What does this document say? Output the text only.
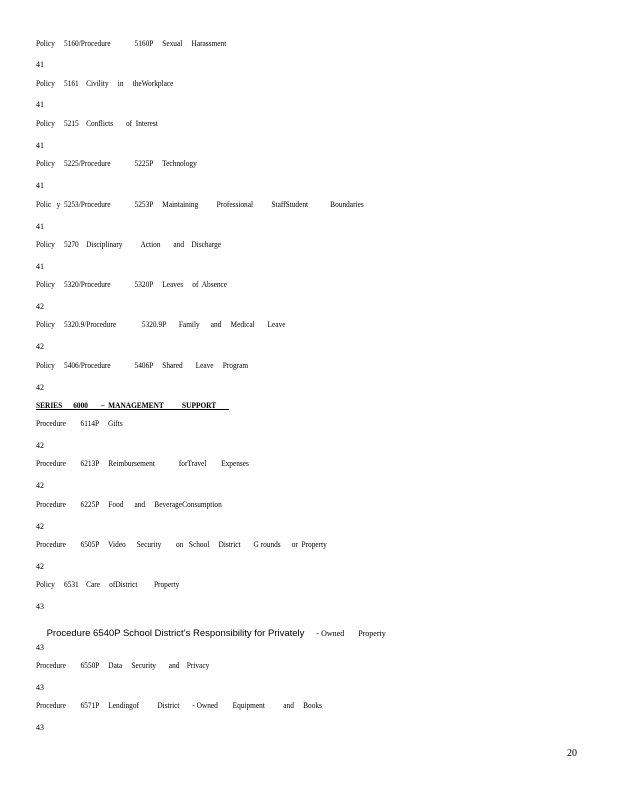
Policy     5160/Procedure             5160P     Sexual     Harassment
41
Policy     5161    Civility     in     theWorkplace
41
Policy     5215    Conflicts       of  Interest
41
Policy     5225/Procedure             5225P     Technology
41
Polic   y  5253/Procedure             5253P     Maintaining          Professional          StaffStudent            Boundaries
41
Policy     5270    Disciplinary          Action       and    Discharge
41
Policy     5320/Procedure             5320P     Leaves     of  Absence
42
Policy     5320.9/Procedure              5320.9P       Family      and     Medical       Leave
42
Policy     5406/Procedure             5406P     Shared       Leave     Program
42
SERIES      6000       –  MANAGEMENT          SUPPORT
Procedure        6114P     Gifts
42
Procedure        6213P     Reimbursement             forTravel        Expenses
42
Procedure        6225P     Food      and     BeverageConsumption
42
Procedure        6505P     Video      Security        on   School     District       G rounds      or  Property
42
Policy     6531    Care     ofDistrict         Property
43

Procedure 6540P School District’s Responsibility for Privately      - Owned       Property

43
Procedure        6550P     Data     Security       and    Privacy
43
Procedure        6571P     Lendingof          District       - Owned        Equipment          and     Books
43
20
